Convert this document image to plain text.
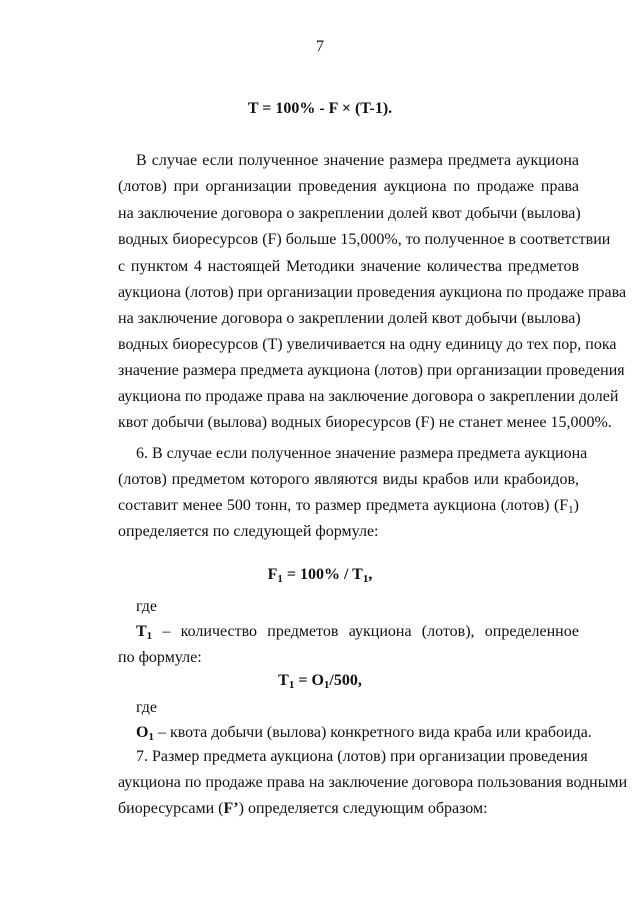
7
T = 100% - F × (T-1).
В случае если полученное значение размера предмета аукциона
(лотов) при организации проведения аукциона по продаже права
на заключение договора о закреплении долей квот добычи (вылова)
водных биоресурсов (F) больше 15,000%, то полученное в соответствии
с пунктом 4 настоящей Методики значение количества предметов
аукциона (лотов) при организации проведения аукциона по продаже права
на заключение договора о закреплении долей квот добычи (вылова)
водных биоресурсов (T) увеличивается на одну единицу до тех пор, пока
значение размера предмета аукциона (лотов) при организации проведения
аукциона по продаже права на заключение договора о закреплении долей
квот добычи (вылова) водных биоресурсов (F) не станет менее 15,000%.
6. В случае если полученное значение размера предмета аукциона
(лотов) предметом которого являются виды крабов или крабоидов,
составит менее 500 тонн, то размер предмета аукциона (лотов) $(F_1)$
определяется по следующей формуле:
$F_1 = 100\% / T_1$,
где
$T_1$ – количество предметов аукциона (лотов), определенное
по формуле:
$T_1 = O_1/500$,
где
$O_1$ – квота добычи (вылова) конкретного вида краба или крабоида.
7. Размер предмета аукциона (лотов) при организации проведения
аукциона по продаже права на заключение договора пользования водными
биоресурсами (F’) определяется следующим образом:
